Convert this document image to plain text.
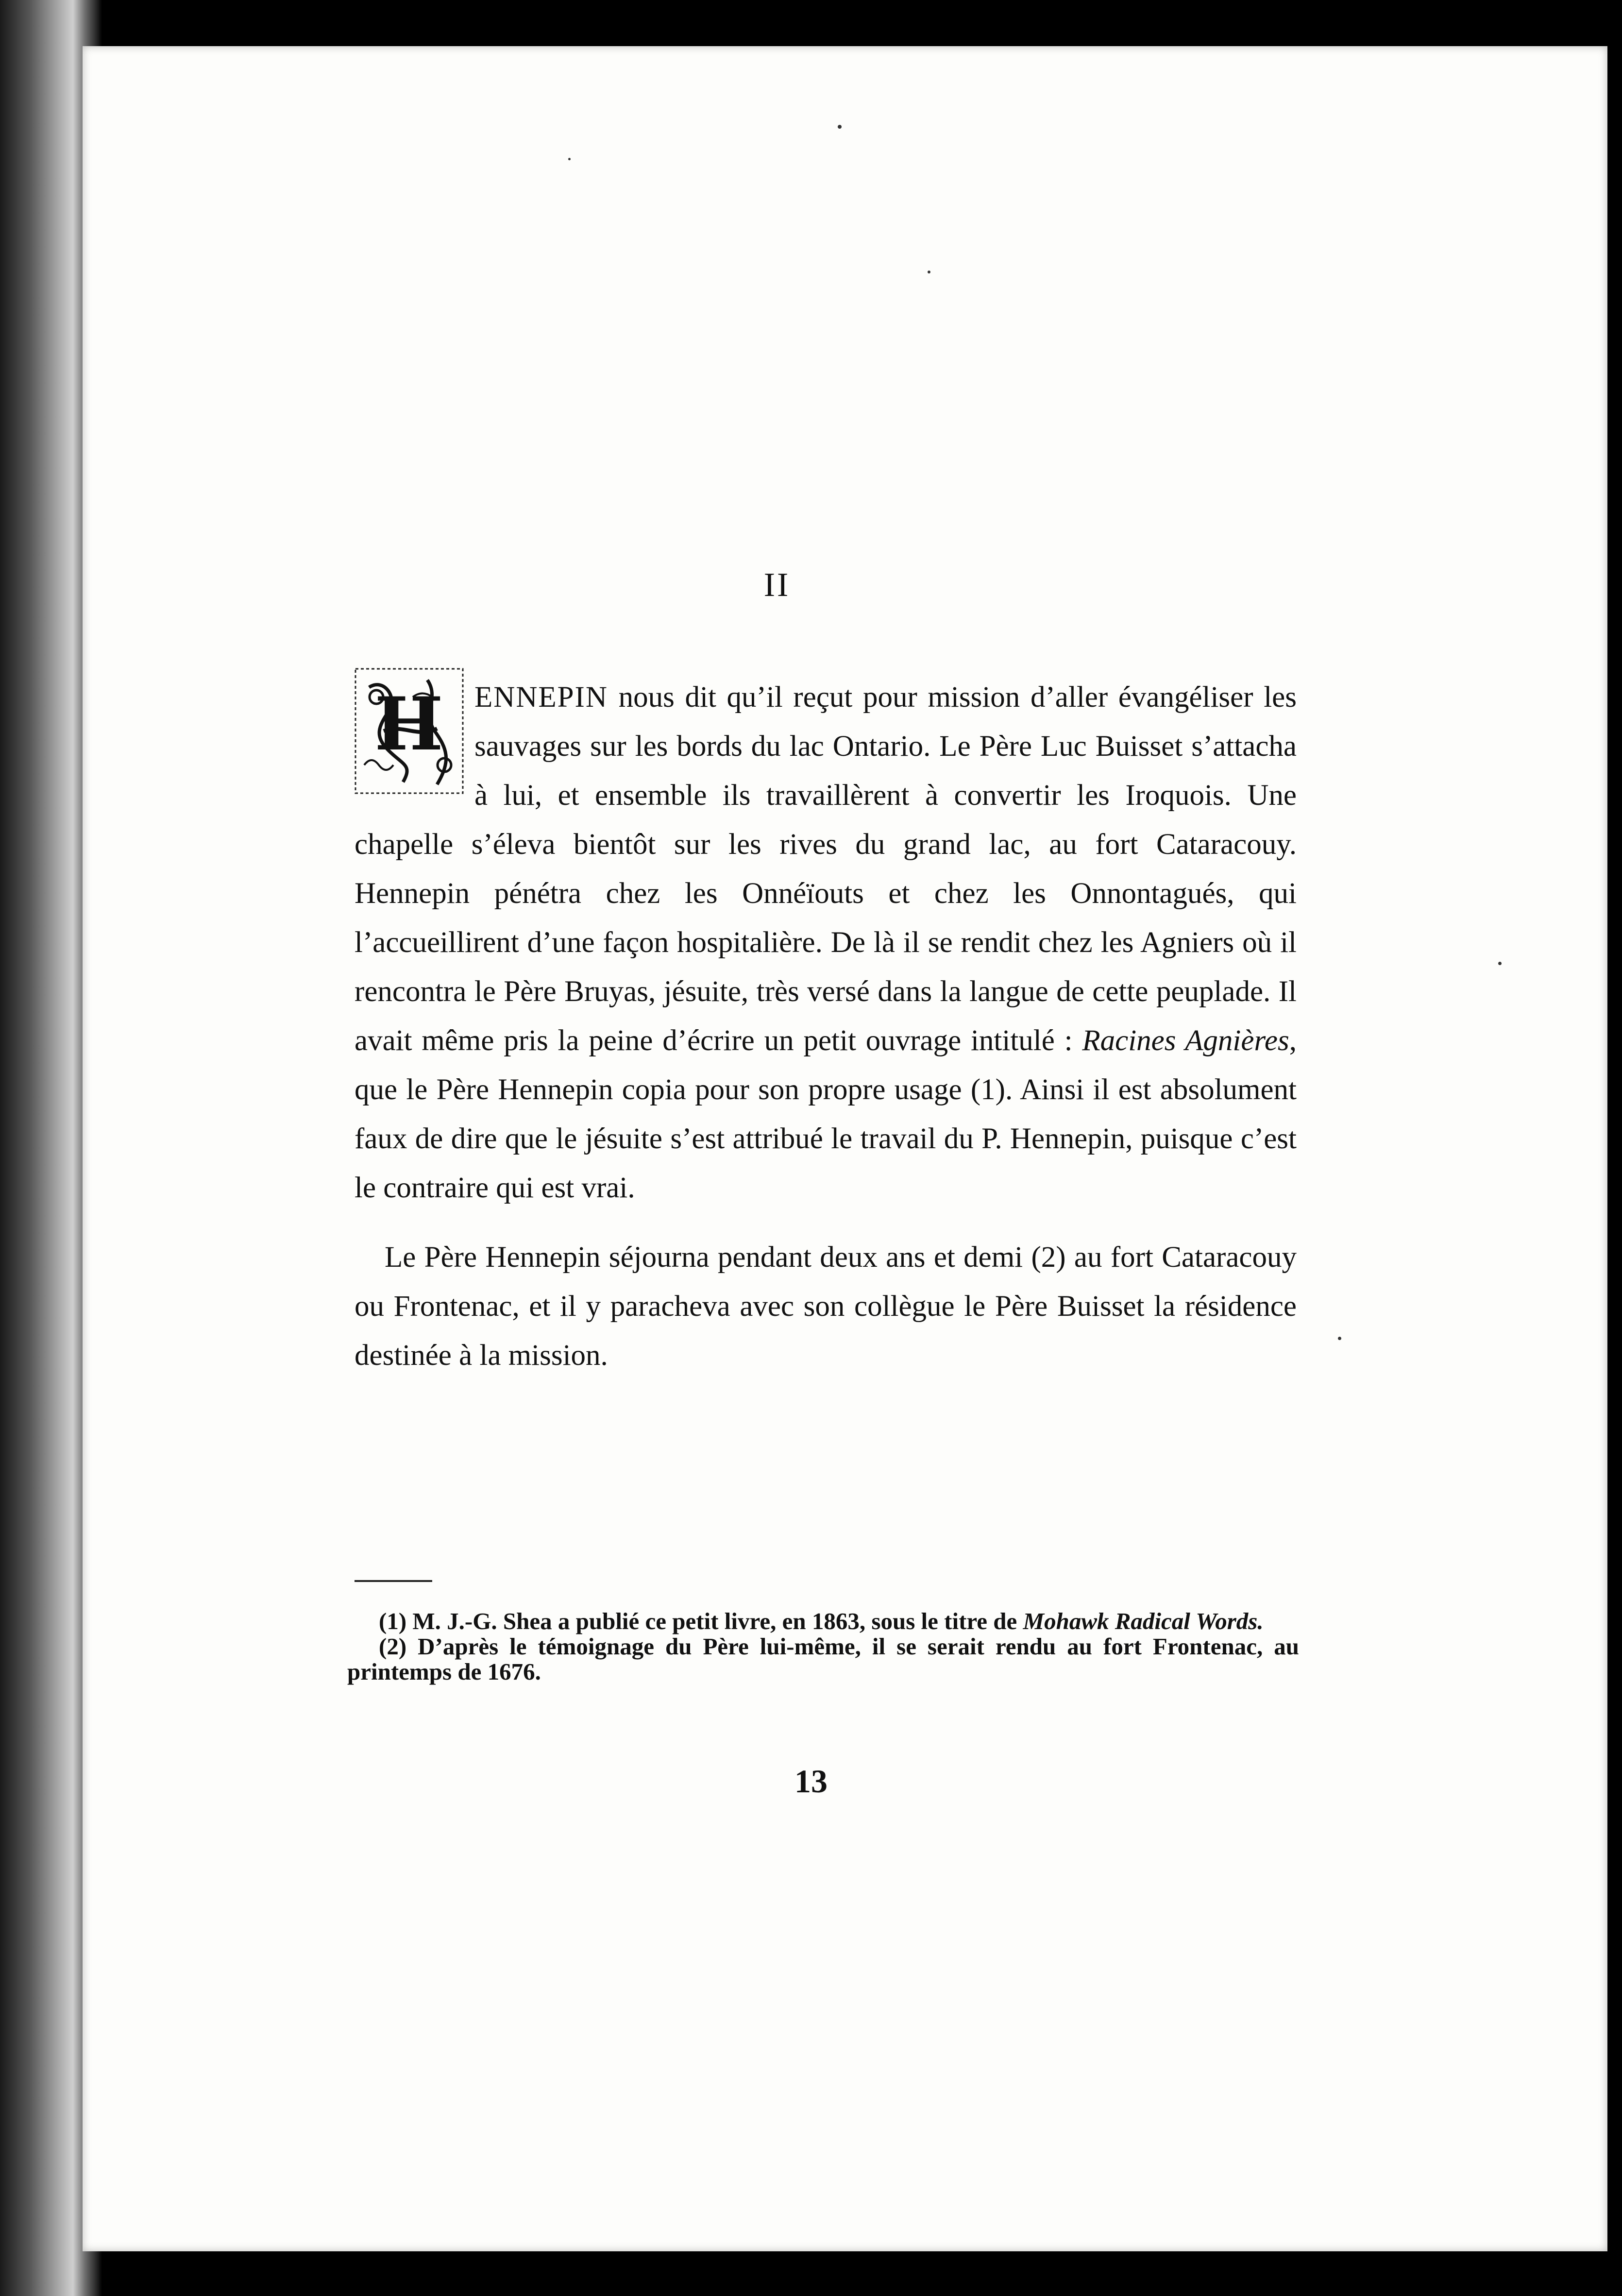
II

H ENNEPIN nous dit qu’il reçut pour mission d’aller évangéliser les sauvages sur les bords du lac Ontario. Le Père Luc Buisset s’attacha à lui, et ensemble ils travaillèrent à convertir les Iroquois. Une chapelle s’éleva bientôt sur les rives du grand lac, au fort Cataracouy. Hennepin pénétra chez les Onnéïouts et chez les Onnontagués, qui l’accueillirent d’une façon hospitalière. De là il se rendit chez les Agniers où il rencontra le Père Bruyas, jésuite, très versé dans la langue de cette peuplade. Il avait même pris la peine d’écrire un petit ouvrage intitulé : Racines Agnières, que le Père Hennepin copia pour son propre usage (1). Ainsi il est absolument faux de dire que le jésuite s’est attribué le travail du P. Hennepin, puisque c’est le contraire qui est vrai.

Le Père Hennepin séjourna pendant deux ans et demi (2) au fort Cataracouy ou Frontenac, et il y paracheva avec son collègue le Père Buisset la résidence destinée à la mission.

(1) M. J.-G. Shea a publié ce petit livre, en 1863, sous le titre de Mohawk Radical Words.

(2) D’après le témoignage du Père lui-même, il se serait rendu au fort Frontenac, au printemps de 1676.

13
